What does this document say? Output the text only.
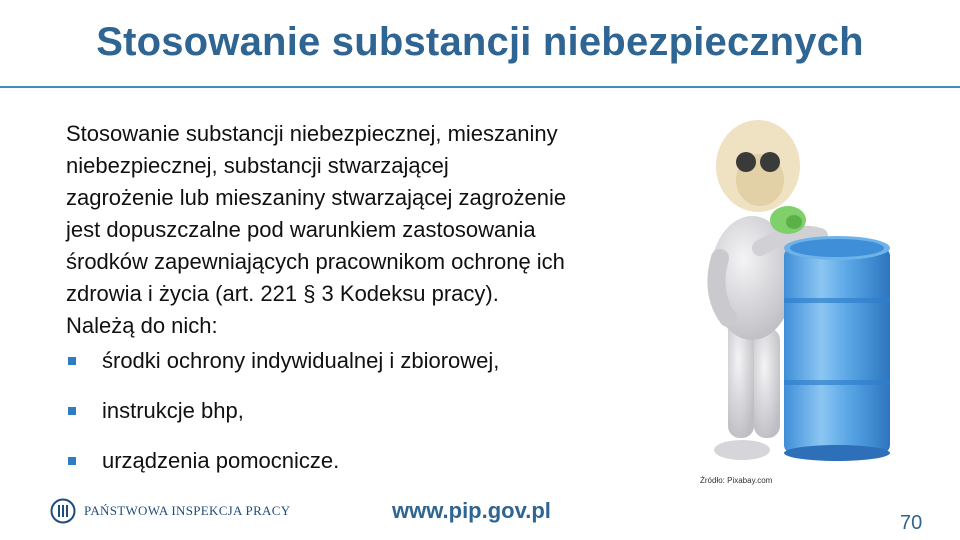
Stosowanie substancji niebezpiecznych
Stosowanie substancji niebezpiecznej, mieszaniny
niebezpiecznej, substancji stwarzającej
zagrożenie lub mieszaniny stwarzającej zagrożenie
jest dopuszczalne pod warunkiem zastosowania
środków zapewniających pracownikom ochronę ich
zdrowia i życia (art. 221 § 3 Kodeksu pracy).
Należą do nich:
środki ochrony indywidualnej i zbiorowej,
instrukcje bhp,
urządzenia pomocnicze.
Źródło: Pixabay.com
PAŃSTWOWA INSPEKCJA PRACY	www.pip.gov.pl	70
